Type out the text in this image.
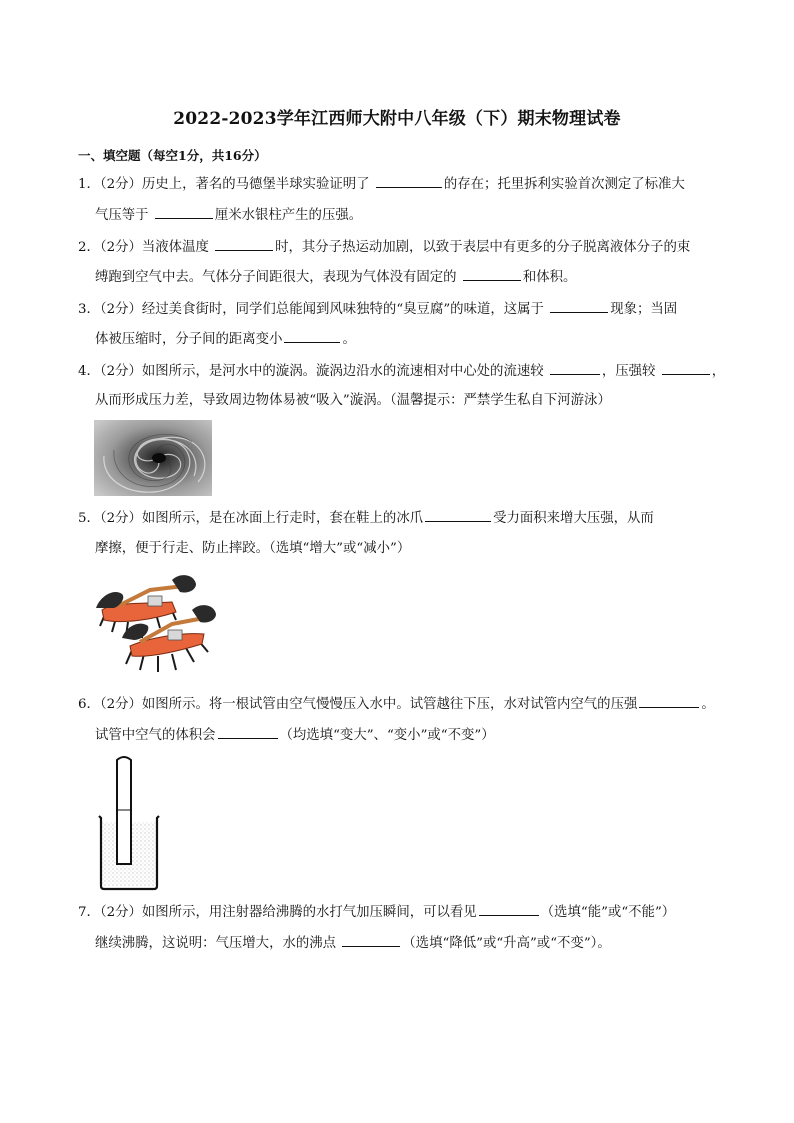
2022-2023学年江西师大附中八年级（下）期末物理试卷
一、填空题（每空1分，共16分）
1．（2分）历史上，著名的马德堡半球实验证明了	的存在；托里拆利实验首次测定了标准大
气压等于	厘米水银柱产生的压强。
2．（2分）当液体温度	时，其分子热运动加剧，以致于表层中有更多的分子脱离液体分子的束
缚跑到空气中去。气体分子间距很大，表现为气体没有固定的	和体积。
3．（2分）经过美食街时，同学们总能闻到风味独特的“臭豆腐”的味道，这属于	现象；当固
体被压缩时，分子间的距离变小	。
4．（2分）如图所示，是河水中的漩涡。漩涡边沿水的流速相对中心处的流速较	，压强较	，
从而形成压力差，导致周边物体易被“吸入”漩涡。（温馨提示：严禁学生私自下河游泳）
5．（2分）如图所示，是在冰面上行走时，套在鞋上的冰爪	受力面积来增大压强，从而
摩擦，便于行走、防止摔跤。（选填“增大”或“减小”）
6．（2分）如图所示。将一根试管由空气慢慢压入水中。试管越往下压，水对试管内空气的压强	。
试管中空气的体积会	（均选填“变大”、“变小”或“不变”）
7．（2分）如图所示，用注射器给沸腾的水打气加压瞬间，可以看见	（选填“能”或“不能”）
继续沸腾，这说明：气压增大，水的沸点	（选填“降低”或“升高”或“不变”）。
